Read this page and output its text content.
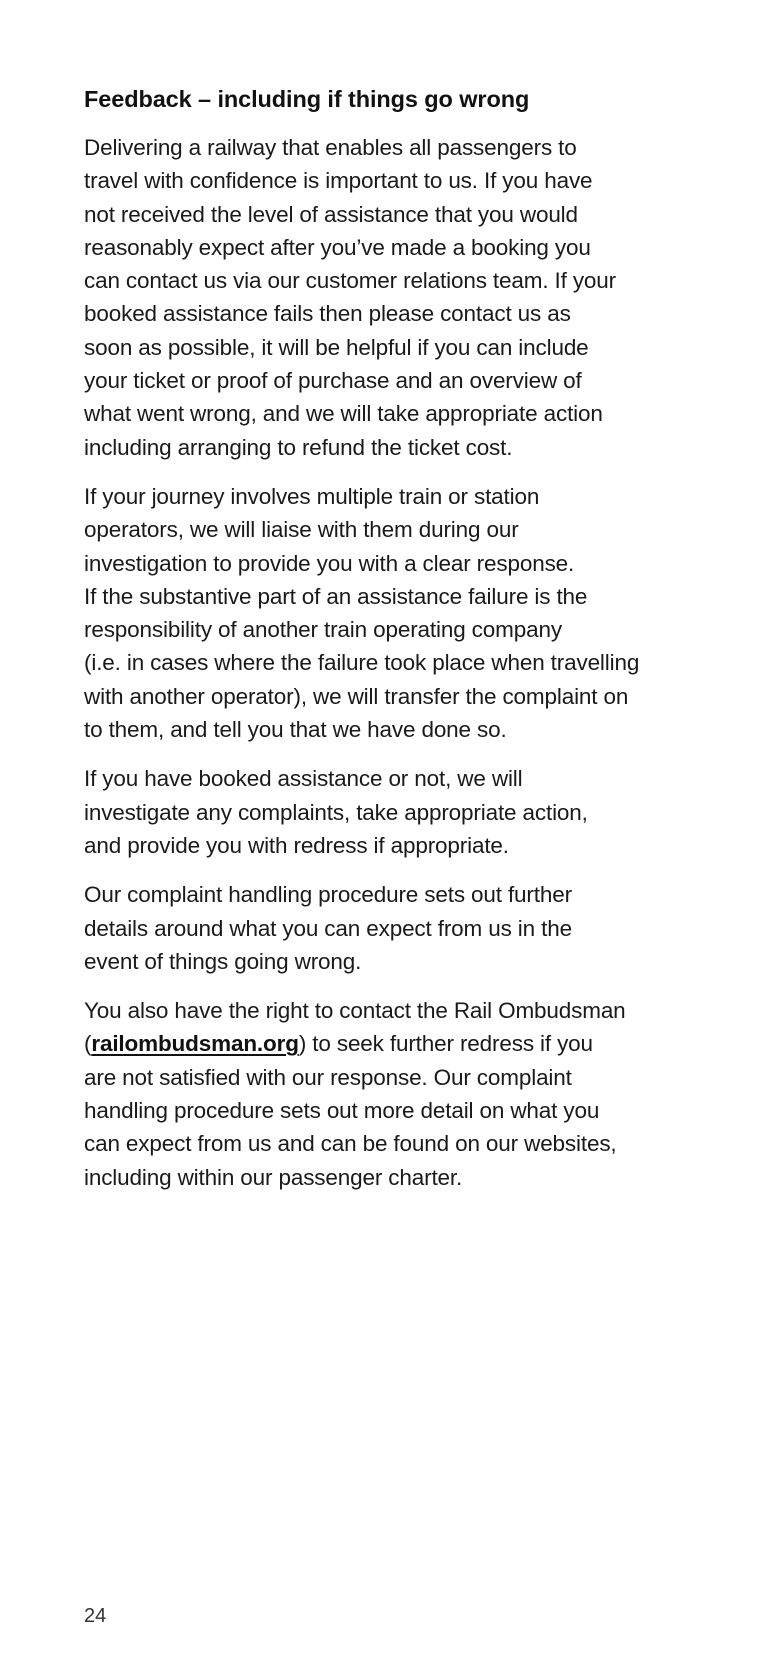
Feedback – including if things go wrong

Delivering a railway that enables all passengers to
travel with confidence is important to us. If you have
not received the level of assistance that you would
reasonably expect after you’ve made a booking you
can contact us via our customer relations team. If your
booked assistance fails then please contact us as
soon as possible, it will be helpful if you can include
your ticket or proof of purchase and an overview of
what went wrong, and we will take appropriate action
including arranging to refund the ticket cost.

If your journey involves multiple train or station
operators, we will liaise with them during our
investigation to provide you with a clear response.
If the substantive part of an assistance failure is the
responsibility of another train operating company
(i.e. in cases where the failure took place when travelling
with another operator), we will transfer the complaint on
to them, and tell you that we have done so.

If you have booked assistance or not, we will
investigate any complaints, take appropriate action,
and provide you with redress if appropriate.

Our complaint handling procedure sets out further
details around what you can expect from us in the
event of things going wrong.

You also have the right to contact the Rail Ombudsman
(railombudsman.org) to seek further redress if you
are not satisfied with our response. Our complaint
handling procedure sets out more detail on what you
can expect from us and can be found on our websites,
including within our passenger charter.

24
